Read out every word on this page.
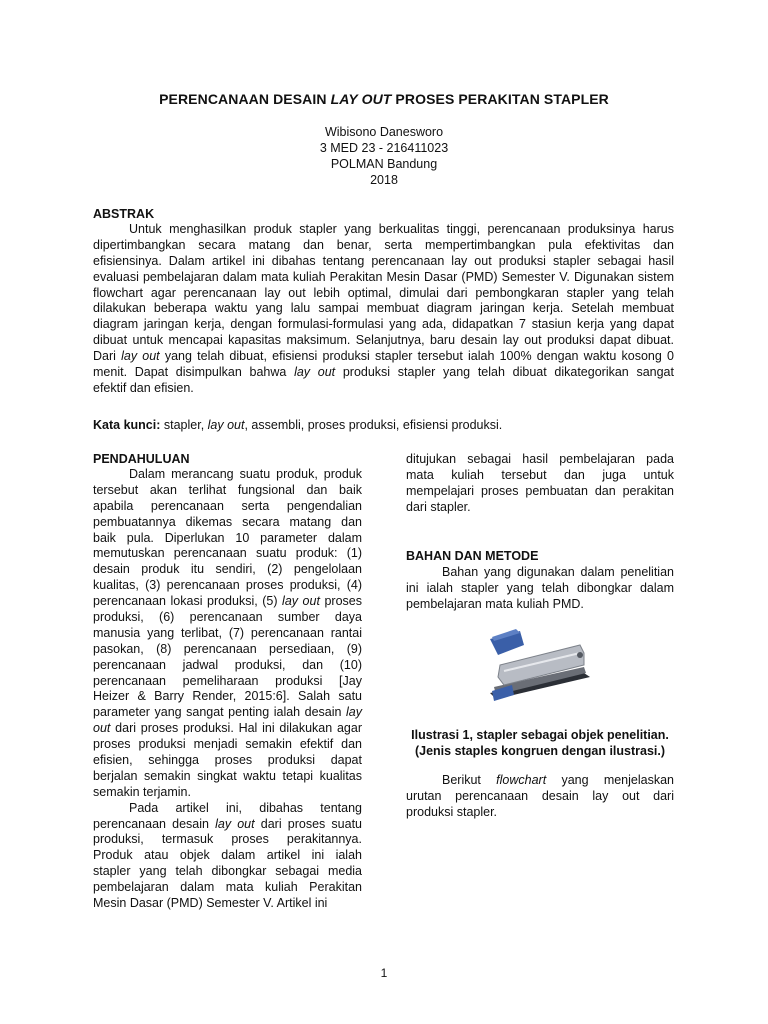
PERENCANAAN DESAIN LAY OUT PROSES PERAKITAN STAPLER
Wibisono Danesworo
3 MED 23 - 216411023
POLMAN Bandung
2018
ABSTRAK
Untuk menghasilkan produk stapler yang berkualitas tinggi, perencanaan produksinya harus
dipertimbangkan secara matang dan benar, serta mempertimbangkan pula efektivitas dan
efisiensinya. Dalam artikel ini dibahas tentang perencanaan lay out produksi stapler sebagai hasil
evaluasi pembelajaran dalam mata kuliah Perakitan Mesin Dasar (PMD) Semester V. Digunakan sistem
flowchart agar perencanaan lay out lebih optimal, dimulai dari pembongkaran stapler yang telah
dilakukan beberapa waktu yang lalu sampai membuat diagram jaringan kerja. Setelah membuat
diagram jaringan kerja, dengan formulasi-formulasi yang ada, didapatkan 7 stasiun kerja yang dapat
dibuat untuk mencapai kapasitas maksimum. Selanjutnya, baru desain lay out produksi dapat dibuat.
Dari lay out yang telah dibuat, efisiensi produksi stapler tersebut ialah 100% dengan waktu kosong 0
menit. Dapat disimpulkan bahwa lay out produksi stapler yang telah dibuat dikategorikan sangat
efektif dan efisien.
Kata kunci: stapler, lay out, assembli, proses produksi, efisiensi produksi.
PENDAHULUAN
Dalam merancang suatu produk, produk
tersebut akan terlihat fungsional dan baik
apabila perencanaan serta pengendalian
pembuatannya dikemas secara matang dan
baik pula. Diperlukan 10 parameter dalam
memutuskan perencanaan suatu produk: (1)
desain produk itu sendiri, (2) pengelolaan
kualitas, (3) perencanaan proses produksi, (4)
perencanaan lokasi produksi, (5) lay out proses
produksi, (6) perencanaan sumber daya
manusia yang terlibat, (7) perencanaan rantai
pasokan, (8) perencanaan persediaan, (9)
perencanaan jadwal produksi, dan (10)
perencanaan pemeliharaan produksi [Jay
Heizer & Barry Render, 2015:6]. Salah satu
parameter yang sangat penting ialah desain lay
out dari proses produksi. Hal ini dilakukan agar
proses produksi menjadi semakin efektif dan
efisien, sehingga proses produksi dapat
berjalan semakin singkat waktu tetapi kualitas
semakin terjamin.
Pada artikel ini, dibahas tentang
perencanaan desain lay out dari proses suatu
produksi, termasuk proses perakitannya.
Produk atau objek dalam artikel ini ialah
stapler yang telah dibongkar sebagai media
pembelajaran dalam mata kuliah Perakitan
Mesin Dasar (PMD) Semester V. Artikel ini
ditujukan sebagai hasil pembelajaran pada
mata kuliah tersebut dan juga untuk
mempelajari proses pembuatan dan perakitan
dari stapler.
BAHAN DAN METODE
Bahan yang digunakan dalam penelitian
ini ialah stapler yang telah dibongkar dalam
pembelajaran mata kuliah PMD.
Ilustrasi 1, stapler sebagai objek penelitian.
(Jenis staples kongruen dengan ilustrasi.)
Berikut flowchart yang menjelaskan
urutan perencanaan desain lay out dari
produksi stapler.
1
